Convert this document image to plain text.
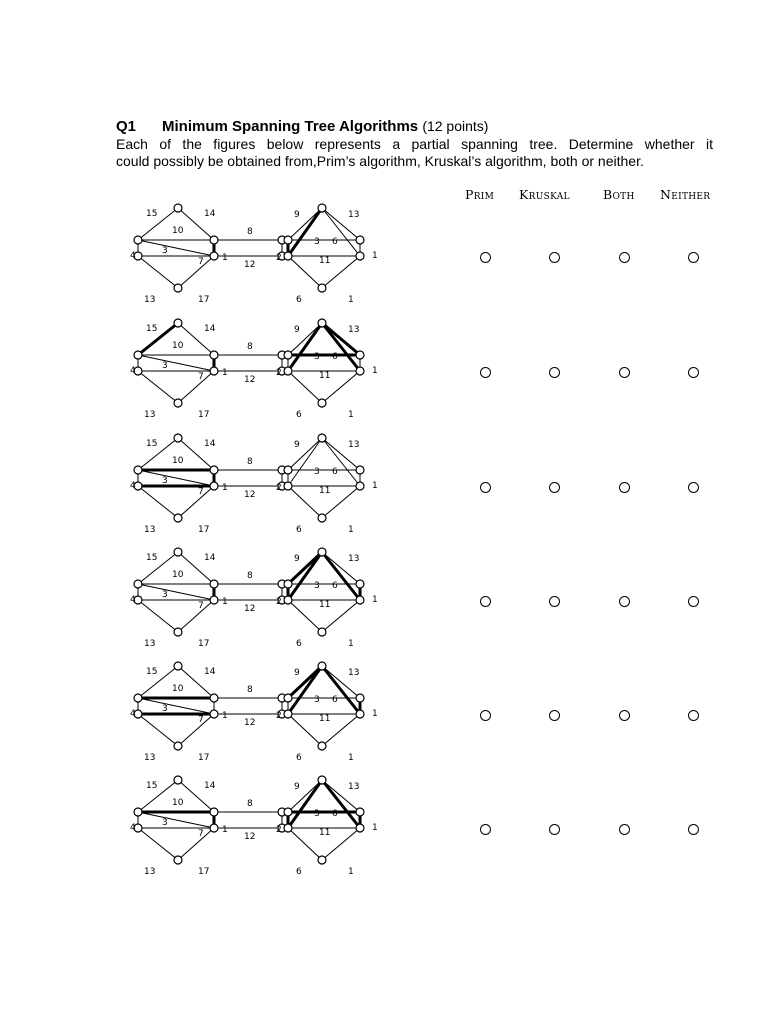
Q1 Minimum Spanning Tree Algorithms (12 points)
Each of the figures below represents a partial spanning tree. Determine whether it
could possibly be obtained from,Prim’s algorithm, Kruskal’s algorithm, both or neither.
Prim Kruskal	Both Neither
15	14
10
3
4
7
13	17
8
1
12
2
9	13
3 6
11	1
6	1
15	14
10
3
4
7
13	17
8
1
12
2
9	13
3 6
11	1
6	1
15	14
10
3
4
7
13	17
8
1
12
2
9	13
3 6
11	1
6	1
15	14
10
3
4
7
13	17
8
1
12
2
9	13
3 6
11	1
6	1
15	14
10
3
4
7
13	17
8
1
12
2
9	13
3 6
11	1
6	1
15	14
10
3
4
7
13	17
8
1
12
2
9	13
3 6
11	1
6	1
